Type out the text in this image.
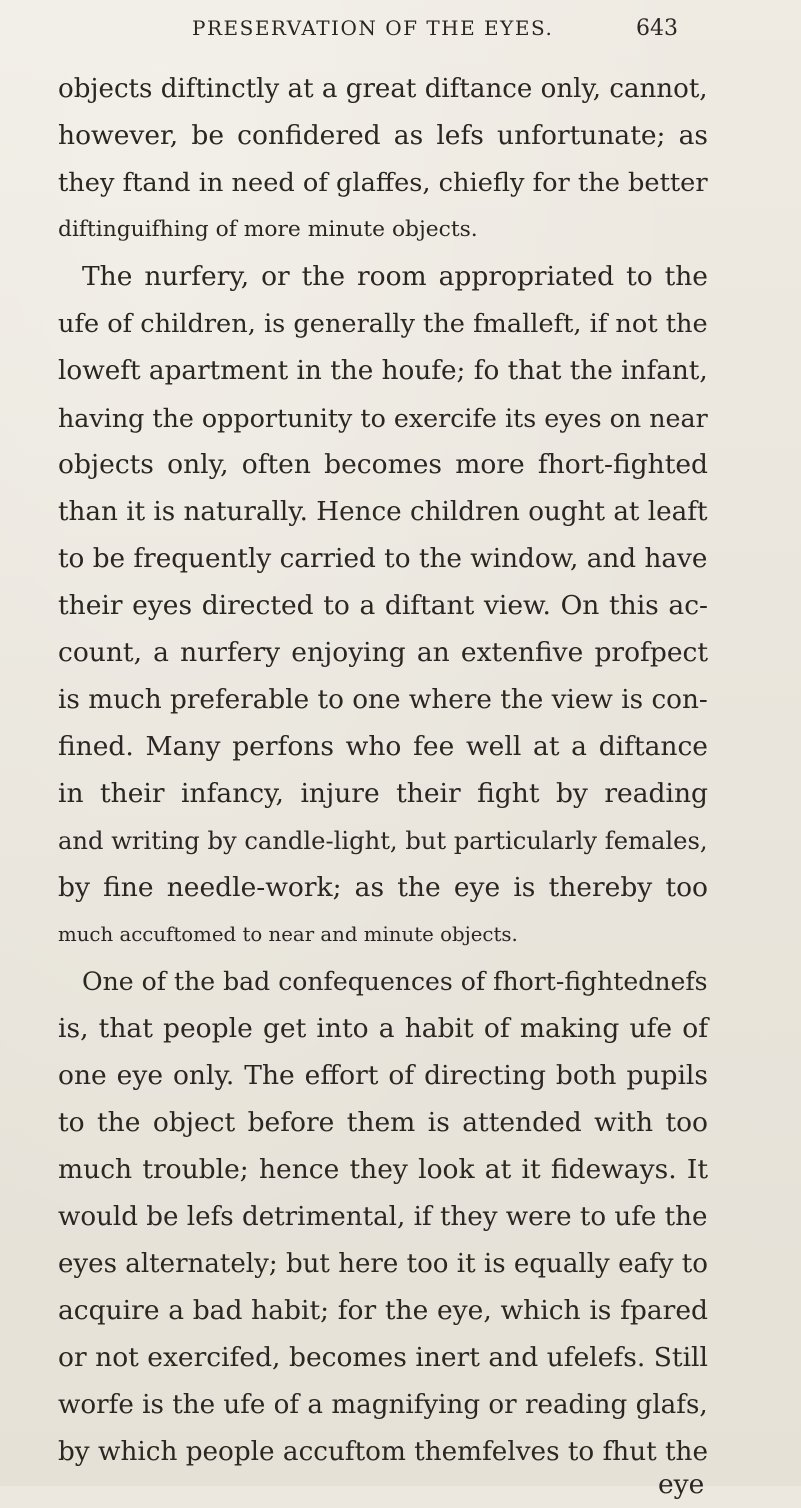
PRESERVATION OF THE EYES.	643
objects diftinctly at a great diftance only, cannot,
however, be confidered as lefs unfortunate; as
they ftand in need of glaffes, chiefly for the better
diftinguifhing of more minute objects.
The nurfery, or the room appropriated to the
ufe of children, is generally the fmalleft, if not the
loweft apartment in the houfe; fo that the infant,
having the opportunity to exercife its eyes on near
objects only, often becomes more fhort-fighted
than it is naturally. Hence children ought at leaft
to be frequently carried to the window, and have
their eyes directed to a diftant view. On this ac-
count, a nurfery enjoying an extenfive profpect
is much preferable to one where the view is con-
fined. Many perfons who fee well at a diftance
in their infancy, injure their fight by reading
and writing by candle-light, but particularly females,
by fine needle-work; as the eye is thereby too
much accuftomed to near and minute objects.
One of the bad confequences of fhort-fightednefs
is, that people get into a habit of making ufe of
one eye only. The effort of directing both pupils
to the object before them is attended with too
much trouble; hence they look at it fideways. It
would be lefs detrimental, if they were to ufe the
eyes alternately; but here too it is equally eafy to
acquire a bad habit; for the eye, which is fpared
or not exercifed, becomes inert and ufelefs. Still
worfe is the ufe of a magnifying or reading glafs,
by which people accuftom themfelves to fhut the
eye
